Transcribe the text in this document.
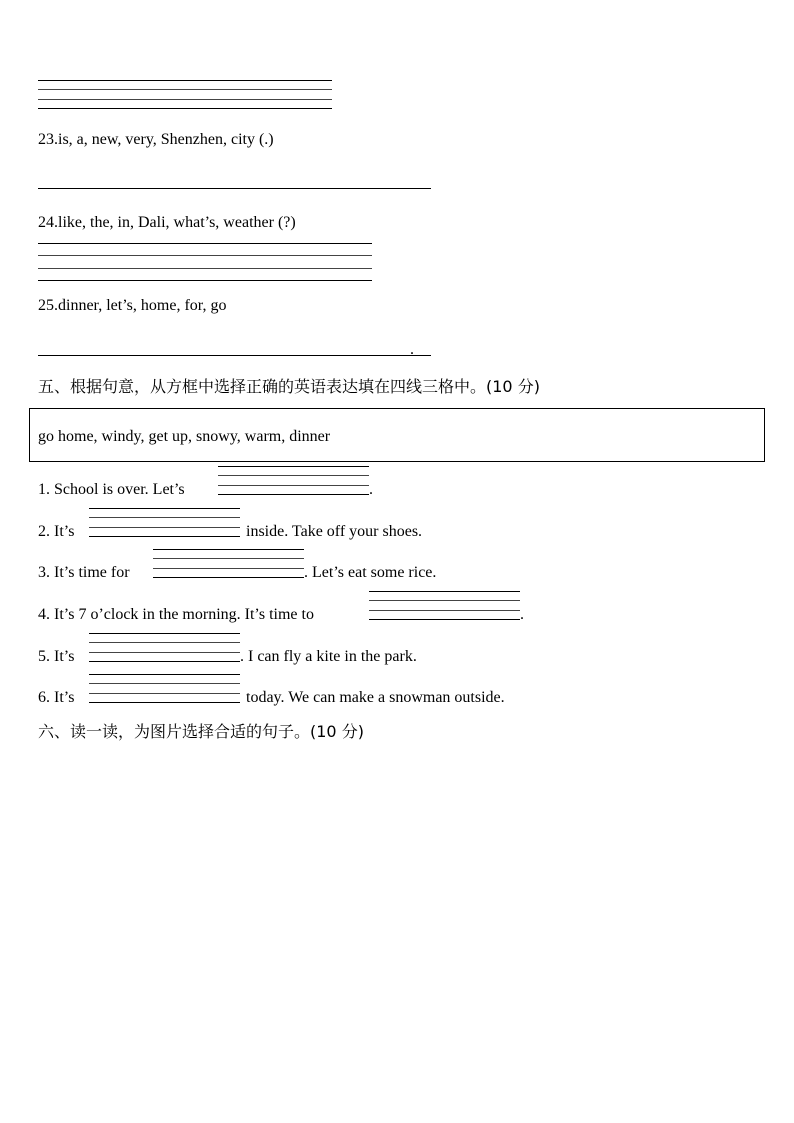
23.is, a, new, very, Shenzhen, city (.)
24.like, the, in, Dali, what’s, weather (?)
25.dinner, let’s, home, for, go
.
五、根据句意，从方框中选择正确的英语表达填在四线三格中。(10 分)
go home, windy, get up, snowy, warm, dinner
1. School is over. Let’s	.
2. It’s	inside. Take off your shoes.
3. It’s time for	. Let’s eat some rice.
4. It’s 7 o’clock in the morning. It’s time to	.
5. It’s	. I can fly a kite in the park.
6. It’s	today. We can make a snowman outside.
六、读一读，为图片选择合适的句子。(10 分)
